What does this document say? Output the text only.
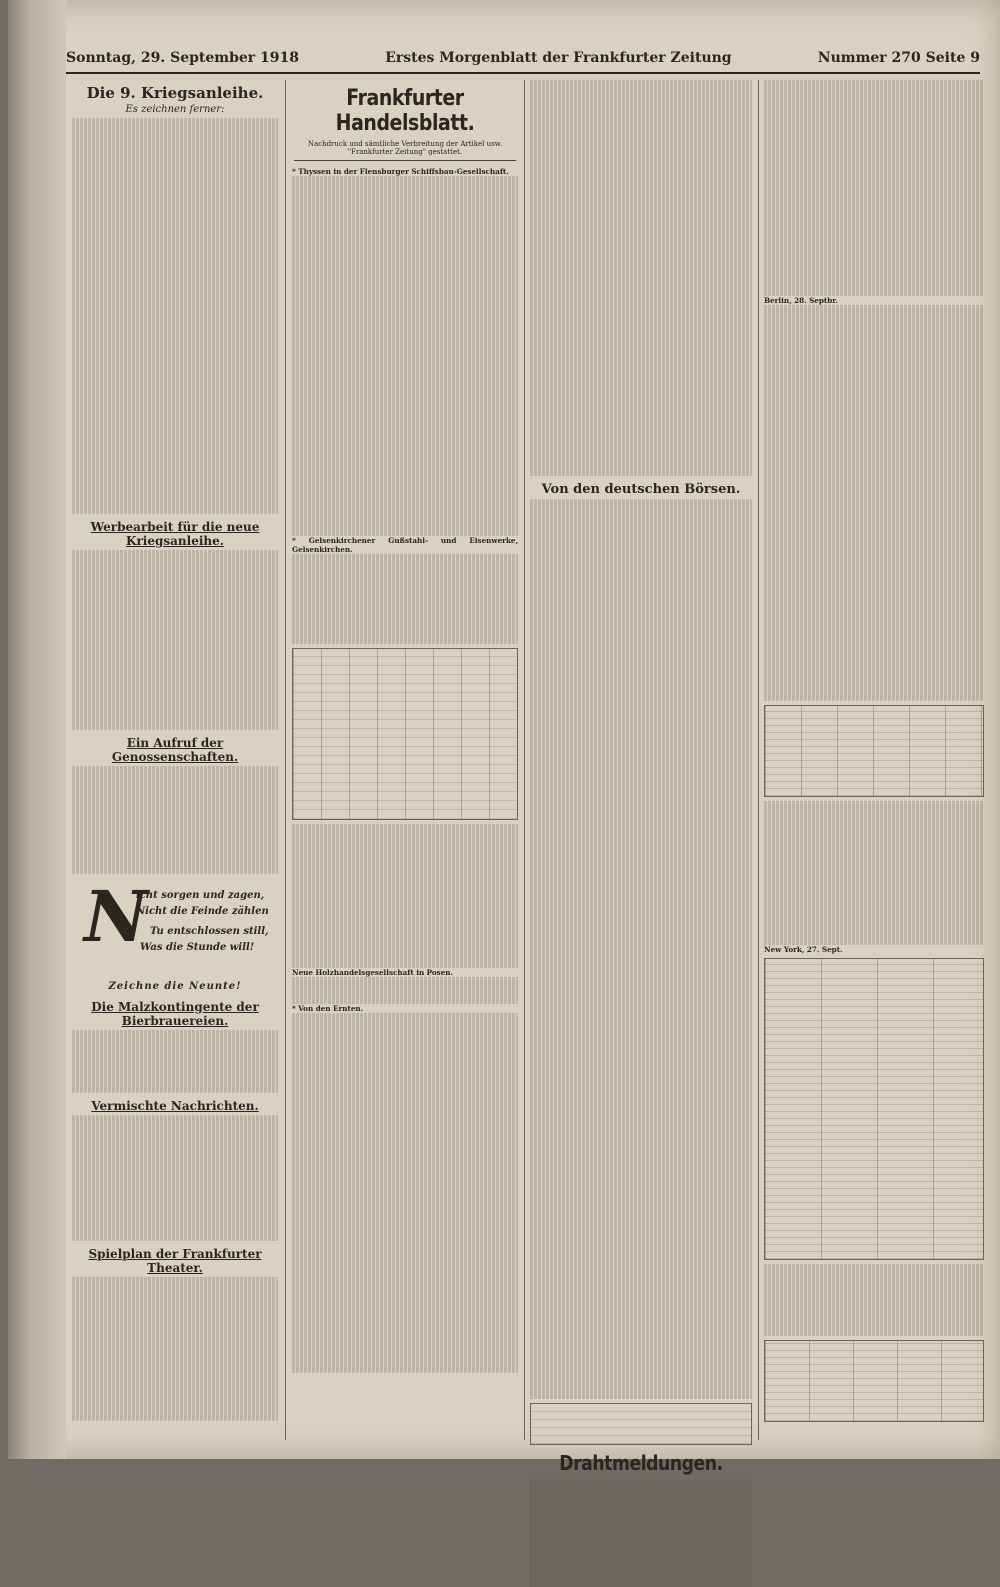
Sonntag, 29. September 1918	Erstes Morgenblatt der Frankfurter Zeitung	Nummer 270 Seite 9
Die 9. Kriegsanleihe.
Es zeichnen ferner:
Werbearbeit für die neue Kriegsanleihe.
Ein Aufruf der Genossenschaften.
N
icht sorgen und zagen,
Nicht die Feinde zählen
Tu entschlossen still,
Was die Stunde will!
Zeichne die Neunte!
Die Malzkontingente der Bierbrauereien.
Vermischte Nachrichten.
Spielplan der Frankfurter Theater.
Frankfurter Handelsblatt.
Nachdruck und sämtliche Verbreitung der Artikel usw. "Frankfurter Zeitung" gestattet.
* Thyssen in der Flensburger Schiffsbau-Gesellschaft.
* Gelsenkirchener Gußstahl- und Eisenwerke, Gelsenkirchen.
Neue Holzhandelsgesellschaft in Posen.
* Von den Ernten.
Von den deutschen Börsen.
Drahtmeldungen.
Berlin, 28. Septbr.
New York, 27. Sept.
